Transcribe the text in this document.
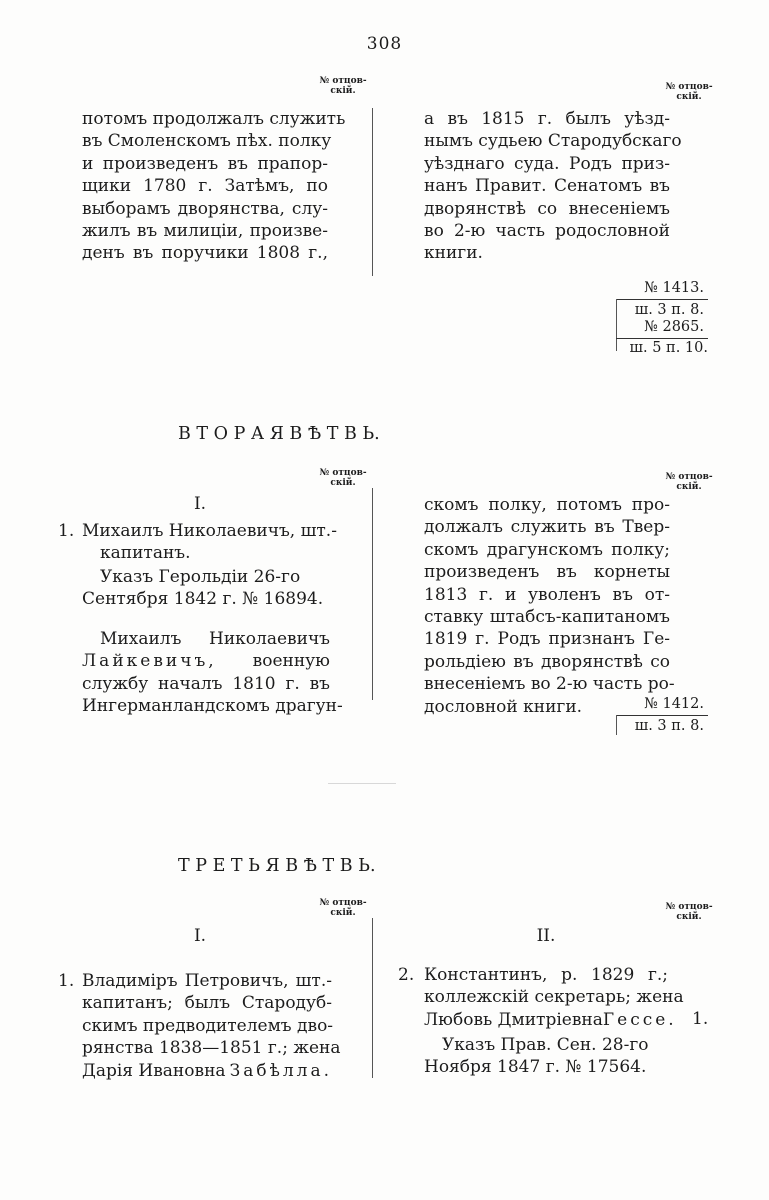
308
№ отцов-
скій.	№ отцов-
скій.
потомъ продолжалъ служить
въ Смоленскомъ пѣх. полку
и произведенъ въ прапор-
щики 1780 г. Затѣмъ, по
выборамъ дворянства, слу-
жилъ въ милиціи, произве-
денъ въ поручики 1808 г.,
а въ 1815 г. былъ уѣзд-
нымъ судьею Стародубскаго
уѣзднаго суда. Родъ приз-
нанъ Правит. Сенатомъ въ
дворянствѣ со внесеніемъ
во 2-ю часть родословной
книги.
№ 1413.
ш. 3 п. 8.
№ 2865.
ш. 5 п. 10.
В Т О Р А Я В Ѣ Т В Ь.
№ отцов-
скій.
№ отцов-
скій.
I.
1. Михаилъ Николаевичъ, шт.-
капитанъ.
Указъ Герольдіи 26-го
Сентября 1842 г. № 16894.
Михаилъ Николаевичъ
Лайкевичъ, военную
службу началъ 1810 г. въ
Ингерманландскомъ драгун-
скомъ полку, потомъ про-
должалъ служить въ Твер-
скомъ драгунскомъ полку;
произведенъ въ корнеты
1813 г. и уволенъ въ от-
ставку штабсъ-капитаномъ
1819 г. Родъ признанъ Ге-
рольдіею въ дворянствѣ со
внесеніемъ во 2-ю часть ро-
дословной книги.	№ 1412.
ш. 3 п. 8.
Т Р Е Т Ь Я В Ѣ Т В Ь.
№ отцов-
скій.
№ отцов-
скій.
I.	II.
1. Владиміръ Петровичъ, шт.-
капитанъ; былъ Стародуб-
скимъ предводителемъ дво-
рянства 1838—1851 г.; жена
Дарія Ивановна Забѣлла.
2. Константинъ, р. 1829 г.;
коллежскій секретарь; жена
Любовь Дмитріевна Гессе. 1.
Указъ Прав. Сен. 28-го
Ноября 1847 г. № 17564.
